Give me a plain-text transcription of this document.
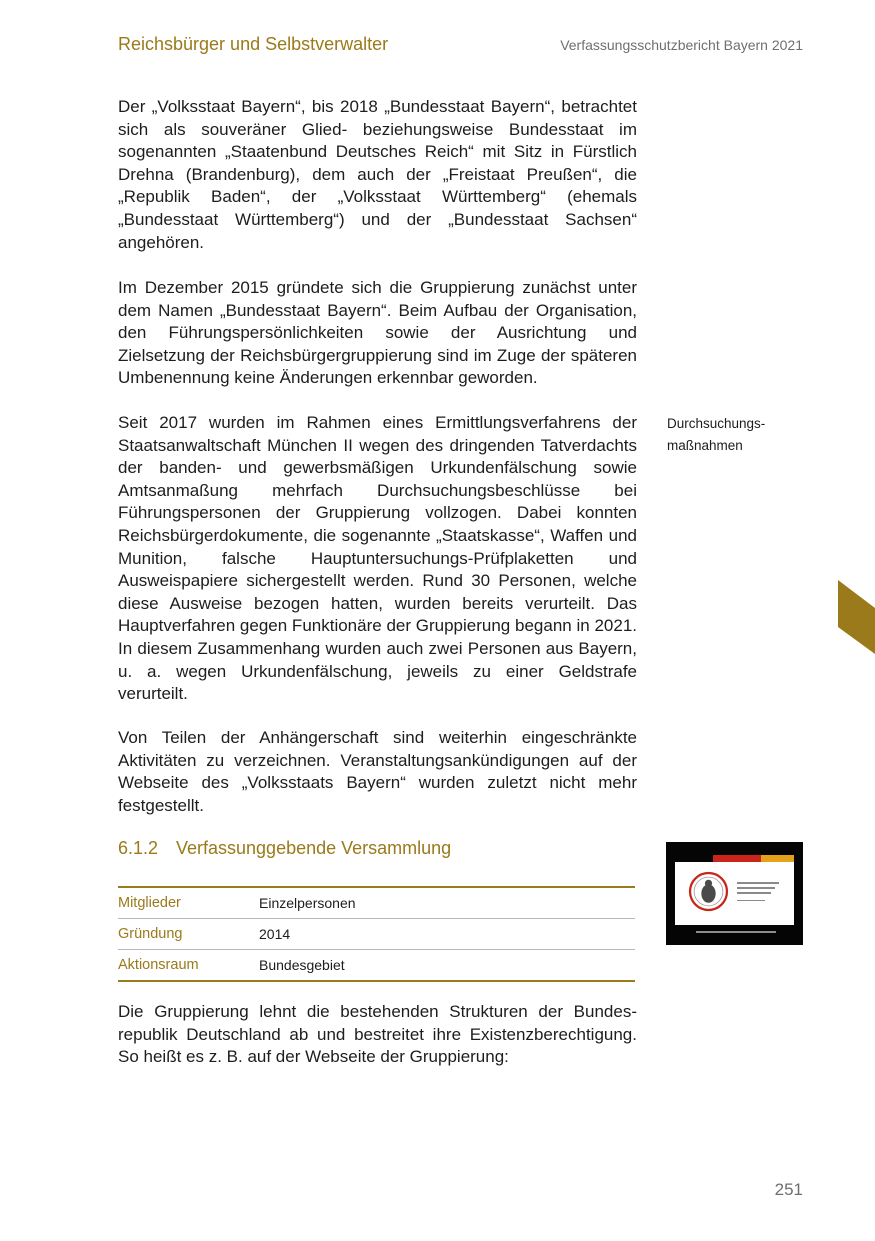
Reichsbürger und Selbstverwalter	Verfassungsschutzbericht Bayern 2021

Der „Volksstaat Bayern“, bis 2018 „Bundesstaat Bayern“, betrachtet sich als souveräner Glied- beziehungsweise Bundesstaat im sogenannten „Staatenbund Deutsches Reich“ mit Sitz in Fürstlich Drehna (Brandenburg), dem auch der „Freistaat Preußen“, die „Republik Baden“, der „Volksstaat Württemberg“ (ehemals „Bundesstaat Württemberg“) und der „Bundesstaat Sachsen“ angehören.

Im Dezember 2015 gründete sich die Gruppierung zunächst unter dem Namen „Bundesstaat Bayern“. Beim Aufbau der Organisation, den Führungspersönlichkeiten sowie der Ausrichtung und Zielsetzung der Reichsbürgergruppierung sind im Zuge der späteren Umbenennung keine Änderungen erkennbar geworden.

Seit 2017 wurden im Rahmen eines Ermittlungsverfahrens der Staatsanwaltschaft München II wegen des dringenden Tatverdachts der banden- und gewerbsmäßigen Urkundenfälschung sowie Amtsanmaßung mehrfach Durchsuchungsbeschlüsse bei Führungspersonen der Gruppierung vollzogen. Dabei konnten Reichsbürgerdokumente, die sogenannte „Staatskasse“, Waffen und Munition, falsche Hauptuntersuchungs-Prüfplaketten und Ausweispapiere sichergestellt werden. Rund 30 Personen, welche diese Ausweise bezogen hatten, wurden bereits verurteilt. Das Hauptverfahren gegen Funktionäre der Gruppierung begann in 2021. In diesem Zusammenhang wurden auch zwei Personen aus Bayern, u. a. wegen Urkundenfälschung, jeweils zu einer Geldstrafe verurteilt.

Durchsuchungs-
maßnahmen

Von Teilen der Anhängerschaft sind weiterhin eingeschränkte Aktivitäten zu verzeichnen. Veranstaltungsankündigungen auf der Webseite des „Volksstaats Bayern“ wurden zuletzt nicht mehr festgestellt.

6.1.2 Verfassunggebende Versammlung
Mitglieder	Einzelpersonen
Gründung	2014
Aktionsraum	Bundesgebiet

Die Gruppierung lehnt die bestehenden Strukturen der Bundesrepublik Deutschland ab und bestreitet ihre Existenzberechtigung. So heißt es z. B. auf der Webseite der Gruppierung:

251
